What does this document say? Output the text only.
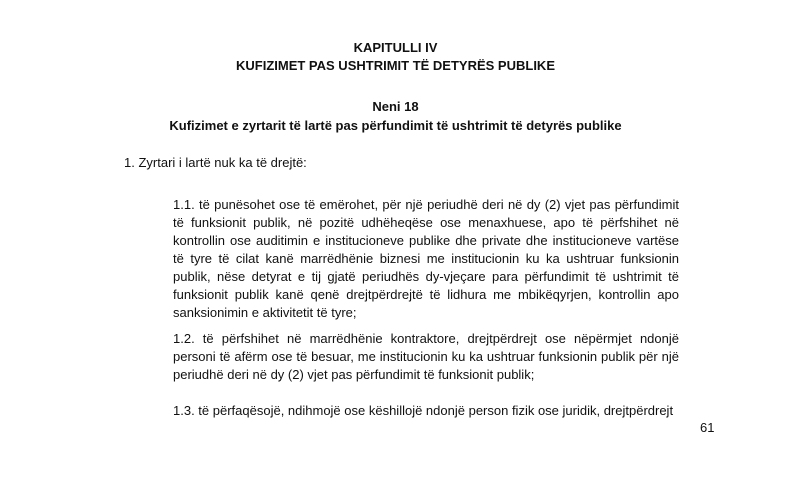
KAPITULLI IV
KUFIZIMET PAS USHTRIMIT TË DETYRËS PUBLIKE
Neni 18
Kufizimet e zyrtarit të lartë pas përfundimit të ushtrimit të detyrës publike
1. Zyrtari i lartë nuk ka të drejtë:

1.1. të punësohet ose të emërohet, për një periudhë deri në dy (2) vjet pas përfundimit të funksionit publik, në pozitë udhëheqëse ose menaxhuese, apo të përfshihet në kontrollin ose auditimin e institucioneve publike dhe private dhe institucioneve vartëse të tyre të cilat kanë marrëdhënie biznesi me institucionin ku ka ushtruar funksionin publik, nëse detyrat e tij gjatë periudhës dy-vjeçare para përfundimit të ushtrimit të funksionit publik kanë qenë drejtpërdrejtë të lidhura me mbikëqyrjen, kontrollin apo sanksionimin e aktivitetit të tyre;

1.2. të përfshihet në marrëdhënie kontraktore, drejtpërdrejt ose nëpërmjet ndonjë personi të afërm ose të besuar, me institucionin ku ka ushtruar funksionin publik për një periudhë deri në dy (2) vjet pas përfundimit të funksionit publik;

1.3. të përfaqësojë, ndihmojë ose këshillojë ndonjë person fizik ose juridik, drejtpërdrejt

61
